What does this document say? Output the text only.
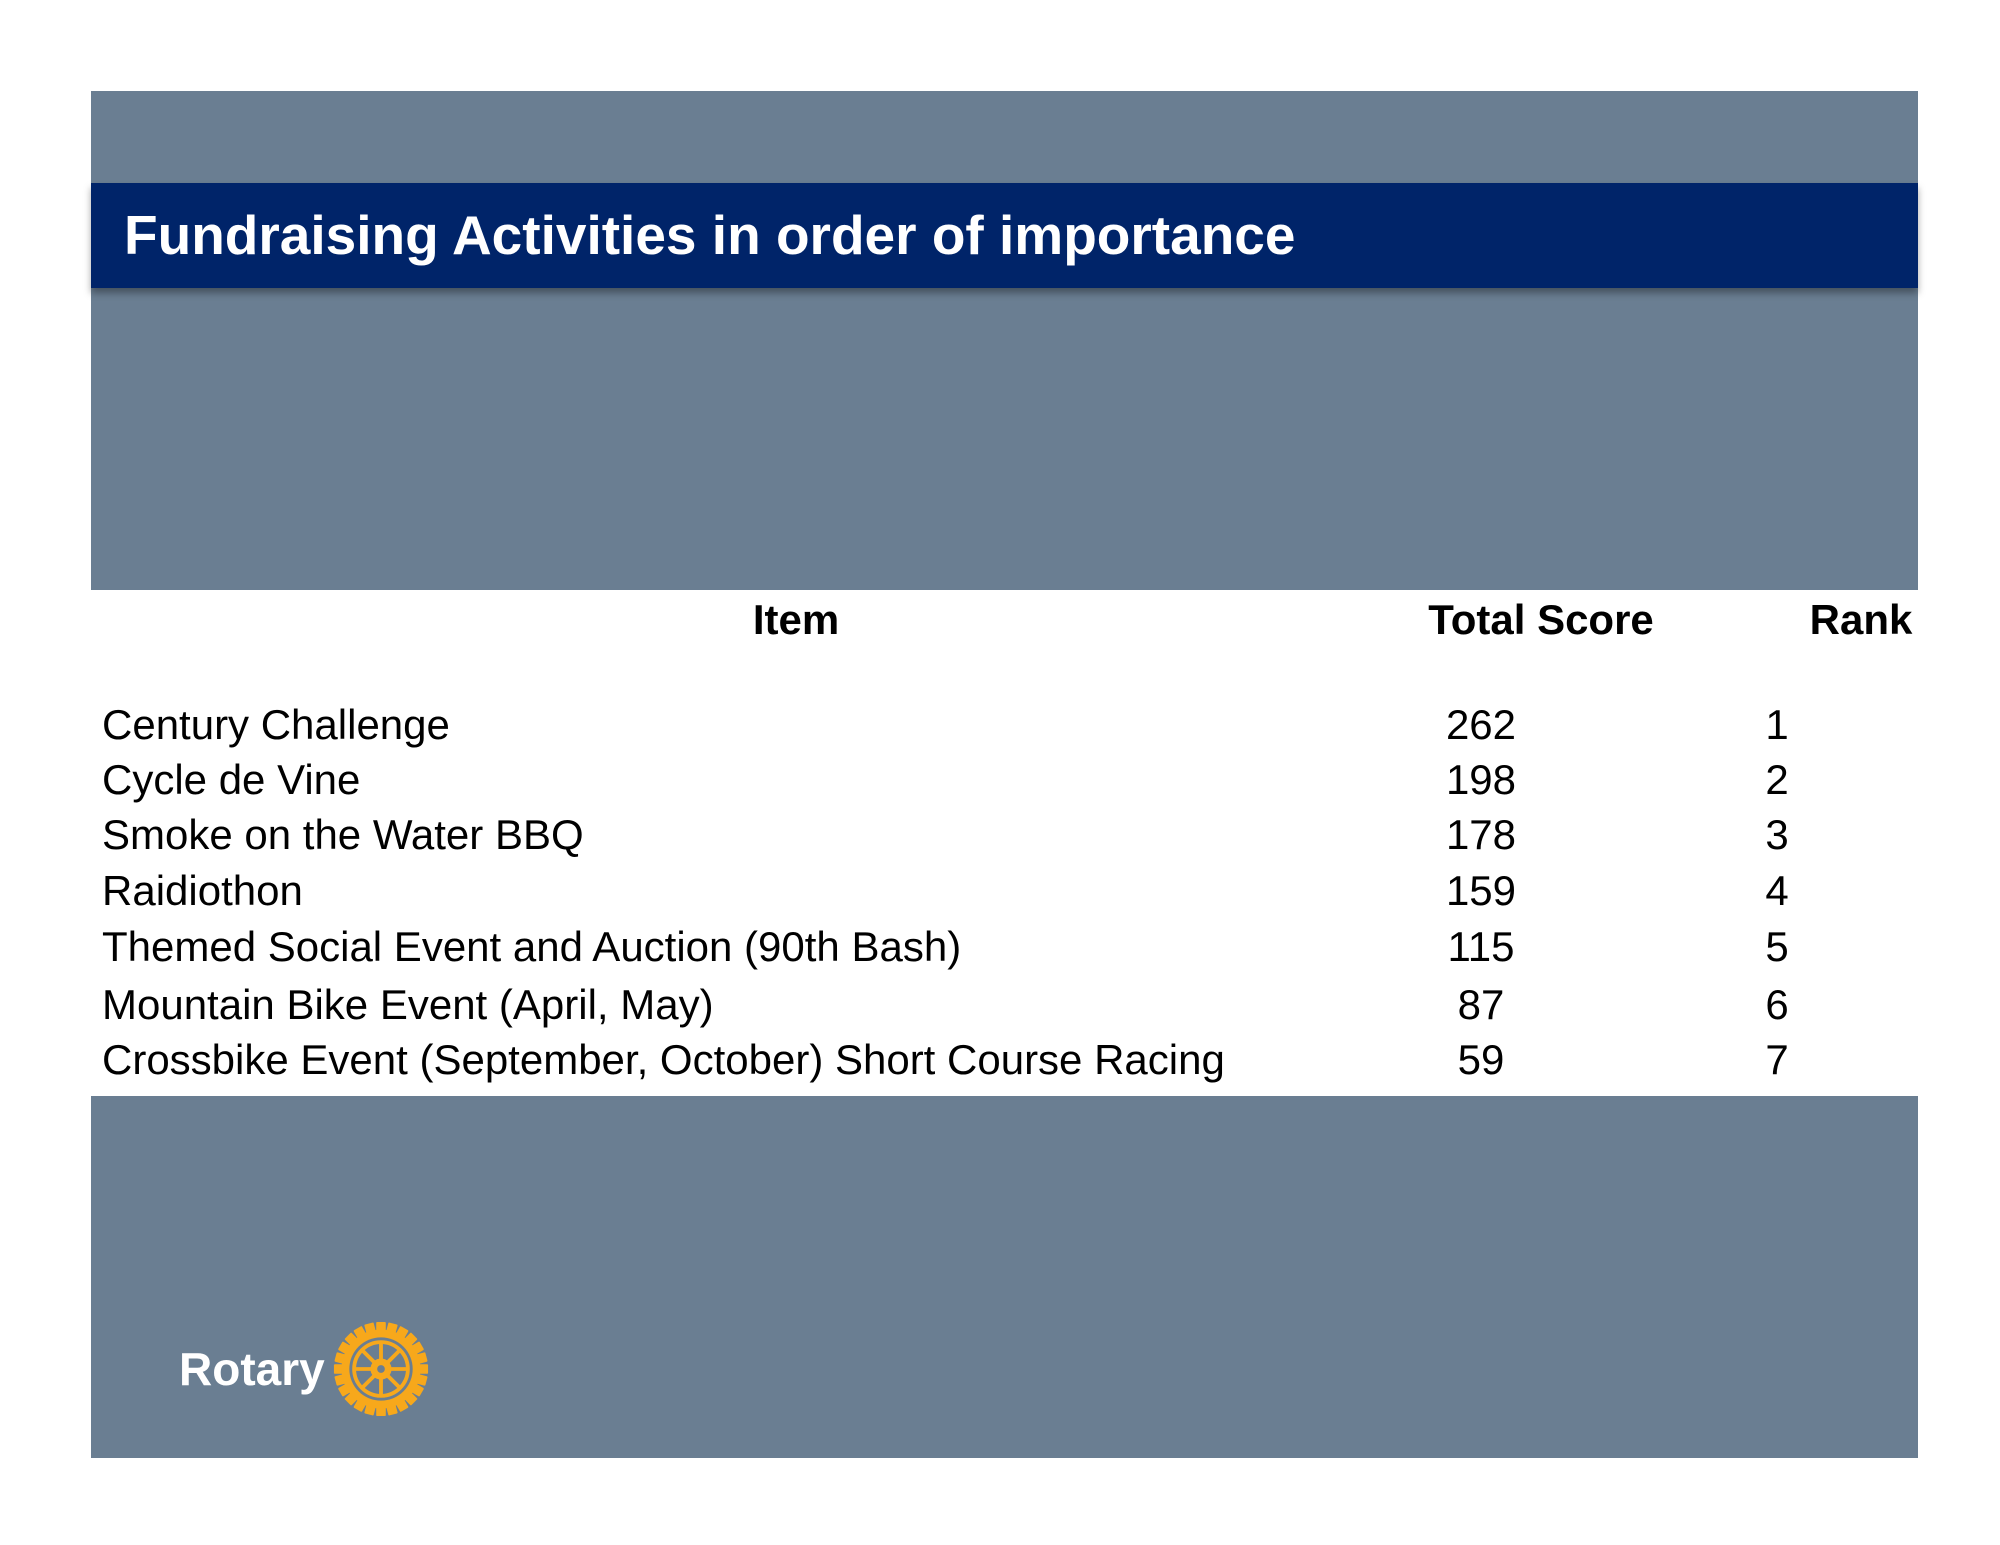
Fundraising Activities in order of importance
Item	Total Score	Rank
Century Challenge	262	1
Cycle de Vine	198	2
Smoke on the Water BBQ	178	3
Raidiothon	159	4
Themed Social Event and Auction (90th Bash)	115	5
Mountain Bike Event (April, May)	87	6
Crossbike Event (September, October) Short Course Racing	59	7
Rotary
